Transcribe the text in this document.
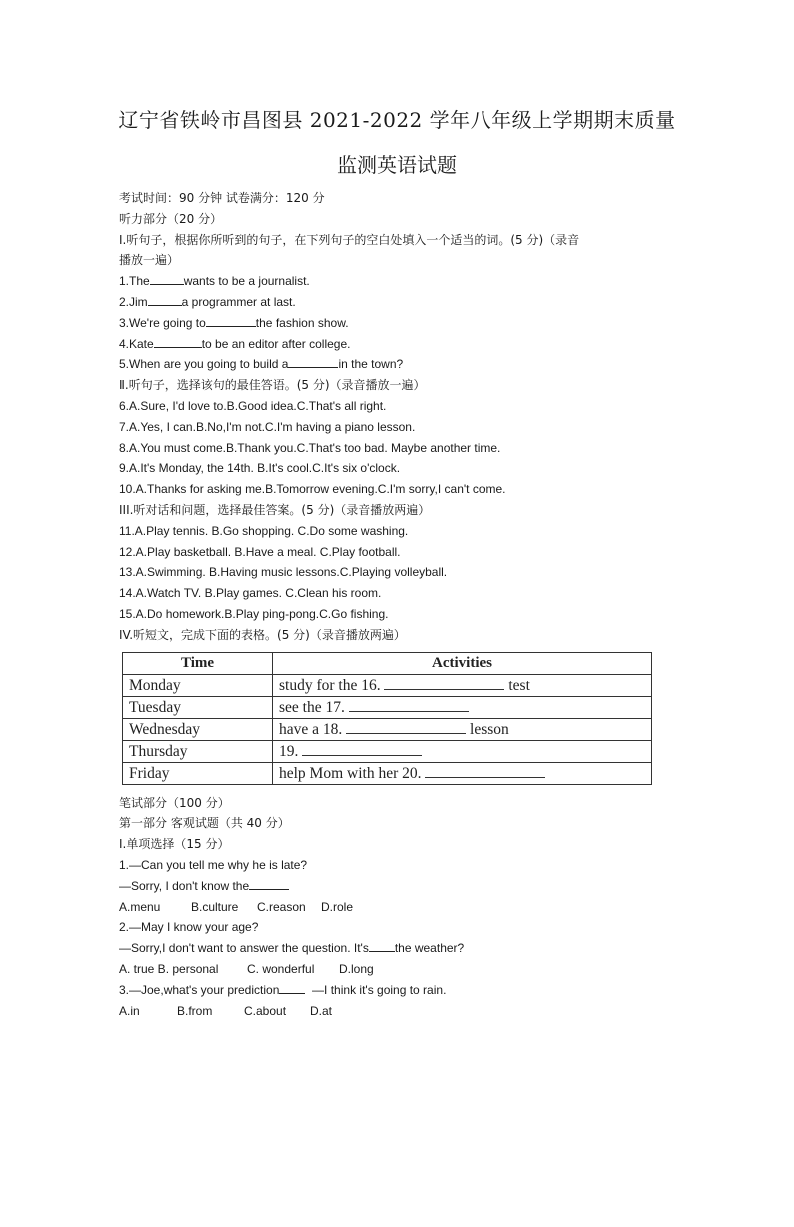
辽宁省铁岭市昌图县 2021-2022 学年八年级上学期期末质量
监测英语试题
考试时间：90 分钟 试卷满分：120 分
听力部分（20 分）
I.听句子，根据你所听到的句子，在下列句子的空白处填入一个适当的词。(5 分)（录音
播放一遍）
1.The	wants to be a journalist.
2.Jim	a programmer at last.
3.We're going to	the fashion show.
4.Kate	to be an editor after college.
5.When are you going to build a	in the town?
Ⅱ.听句子，选择该句的最佳答语。(5 分)（录音播放一遍）
6.A.Sure, I'd love to.B.Good idea.C.That's all right.
7.A.Yes, I can.B.No,I'm not.C.I'm having a piano lesson.
8.A.You must come.B.Thank you.C.That's too bad. Maybe another time.
9.A.It's Monday, the 14th. B.It's cool.C.It's six o'clock.
10.A.Thanks for asking me.B.Tomorrow evening.C.I'm sorry,I can't come.
III.听对话和问题，选择最佳答案。(5 分)（录音播放两遍）
11.A.Play tennis. B.Go shopping. C.Do some washing.
12.A.Play basketball. B.Have a meal. C.Play football.
13.A.Swimming. B.Having music lessons.C.Playing volleyball.
14.A.Watch TV. B.Play games. C.Clean his room.
15.A.Do homework.B.Play ping-pong.C.Go fishing.
IV.听短文，完成下面的表格。(5 分)（录音播放两遍）
Time	Activities
Monday	study for the 16. test
Tuesday	see the 17.
Wednesday	have a 18. lesson
Thursday	19.
Friday	help Mom with her 20.
笔试部分（100 分）
第一部分 客观试题（共 40 分）
I.单项选择（15 分）
1.—Can you tell me why he is late?
—Sorry, I don't know the
A.menu	B.culture C.reason D.role
2.—May I know your age?
—Sorry,I don't want to answer the question. It's the weather?
A. true B. personal C. wonderful D.long
3.—Joe,what's your prediction	—I think it's going to rain.
A.in	B.from	C.about D.at
